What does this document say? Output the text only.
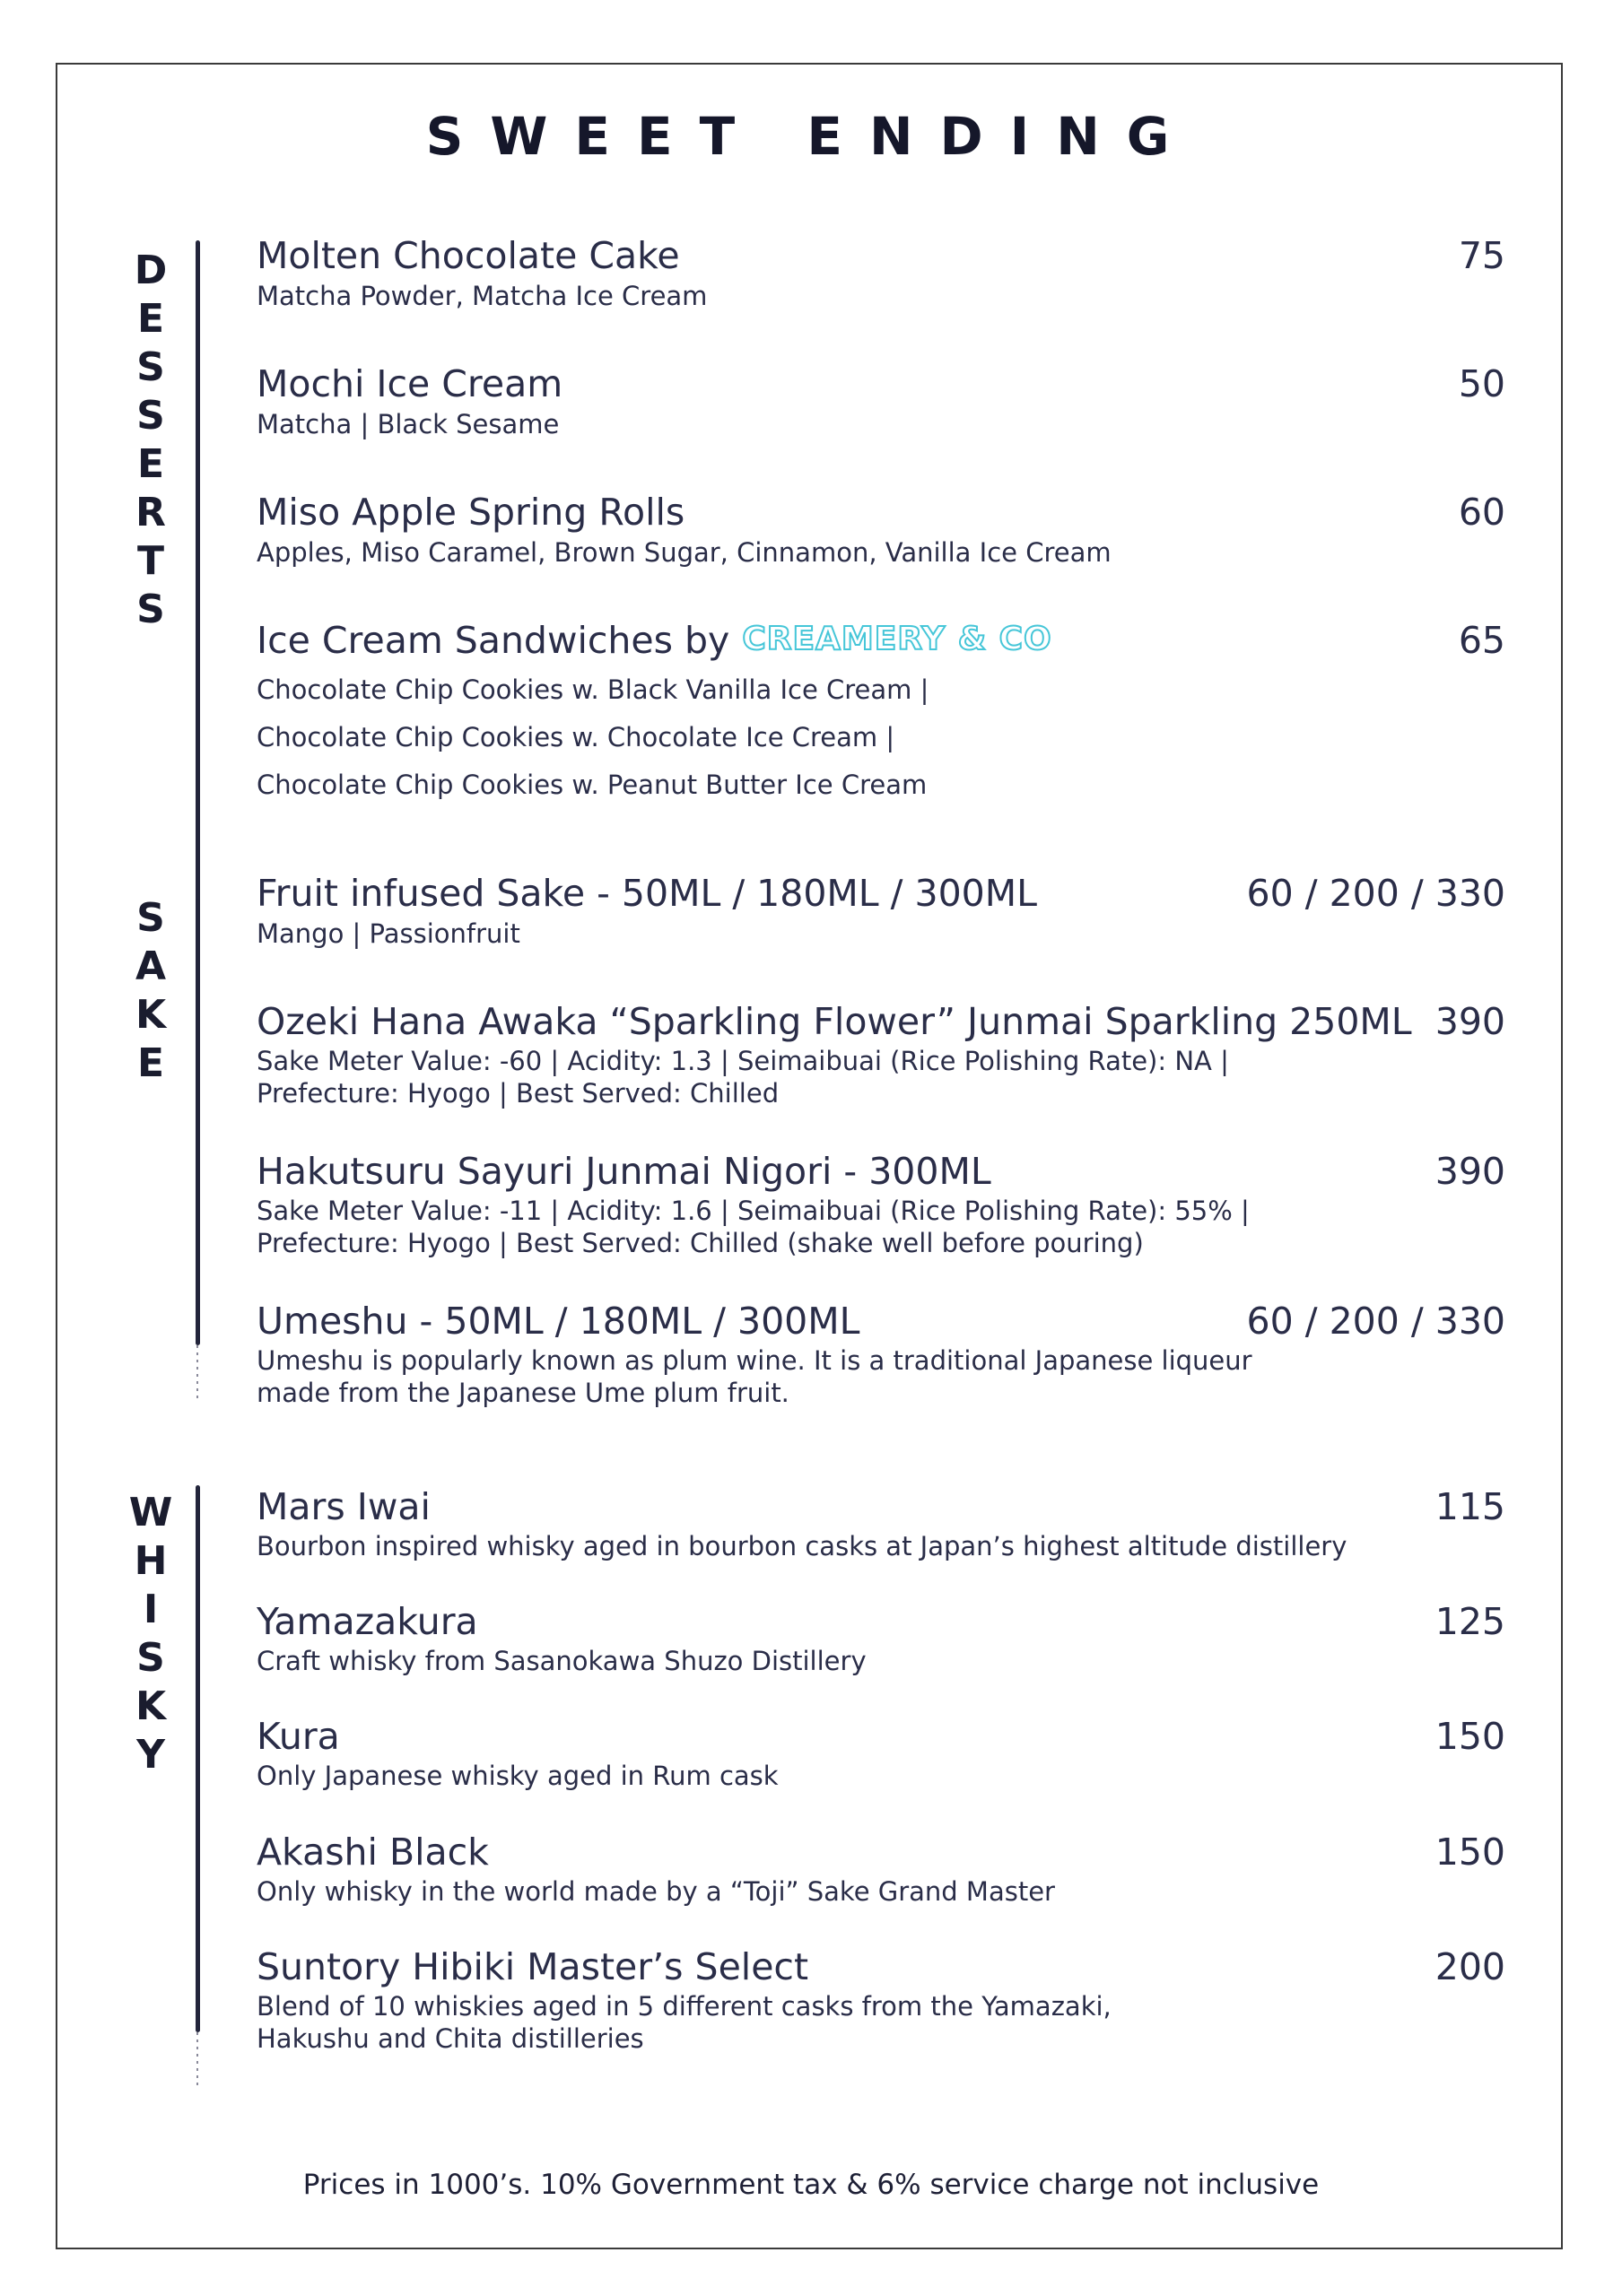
SWEET ENDING
D
E
S
S
E
R
T
S
Molten Chocolate Cake	75
Matcha Powder, Matcha Ice Cream
Mochi Ice Cream	50
Matcha | Black Sesame
Miso Apple Spring Rolls	60
Apples, Miso Caramel, Brown Sugar, Cinnamon, Vanilla Ice Cream
Ice Cream Sandwiches by CREAMERY & CO	65
Chocolate Chip Cookies w. Black Vanilla Ice Cream |
Chocolate Chip Cookies w. Chocolate Ice Cream |
Chocolate Chip Cookies w. Peanut Butter Ice Cream
S
A
K
E
Fruit infused Sake - 50ML / 180ML / 300ML	60 / 200 / 330
Mango | Passionfruit
Ozeki Hana Awaka “Sparkling Flower” Junmai Sparkling 250ML 390
Sake Meter Value: -60 | Acidity: 1.3 | Seimaibuai (Rice Polishing Rate): NA |
Prefecture: Hyogo | Best Served: Chilled
Hakutsuru Sayuri Junmai Nigori - 300ML	390
Sake Meter Value: -11 | Acidity: 1.6 | Seimaibuai (Rice Polishing Rate): 55% |
Prefecture: Hyogo | Best Served: Chilled (shake well before pouring)
Umeshu - 50ML / 180ML / 300ML	60 / 200 / 330
Umeshu is popularly known as plum wine. It is a traditional Japanese liqueur
made from the Japanese Ume plum fruit.
W
H
I
S
K
Y
Mars Iwai	115
Bourbon inspired whisky aged in bourbon casks at Japan’s highest altitude distillery
Yamazakura	125
Craft whisky from Sasanokawa Shuzo Distillery
Kura	150
Only Japanese whisky aged in Rum cask
Akashi Black	150
Only whisky in the world made by a “Toji” Sake Grand Master
Suntory Hibiki Master’s Select	200
Blend of 10 whiskies aged in 5 different casks from the Yamazaki,
Hakushu and Chita distilleries
Prices in 1000’s. 10% Government tax & 6% service charge not inclusive
